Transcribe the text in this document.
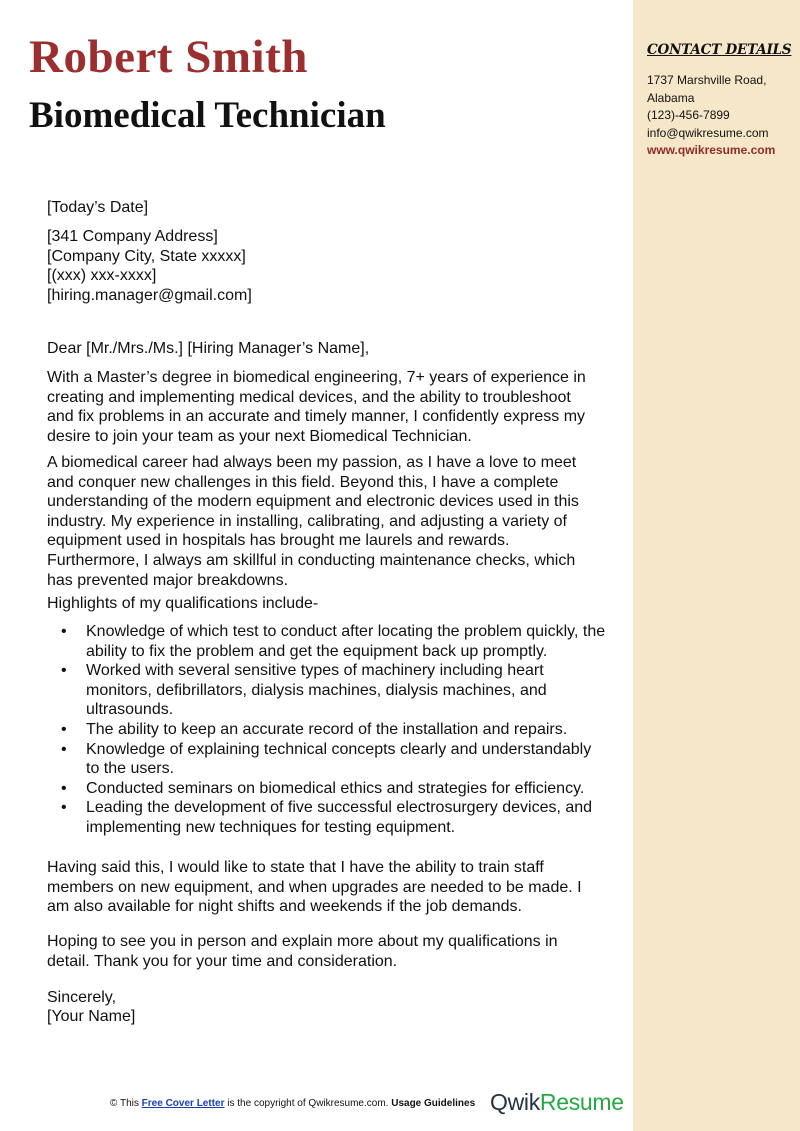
CONTACT DETAILS
1737 Marshville Road,
Alabama
(123)-456-7899
info@qwikresume.com
www.qwikresume.com
Robert Smith
Biomedical Technician
[Today’s Date]
[341 Company Address]
[Company City, State xxxxx]
[(xxx) xxx-xxxx]
[hiring.manager@gmail.com]
Dear [Mr./Mrs./Ms.] [Hiring Manager’s Name],

With a Master’s degree in biomedical engineering, 7+ years of experience in creating and implementing medical devices, and the ability to troubleshoot and fix problems in an accurate and timely manner, I confidently express my desire to join your team as your next Biomedical Technician.

A biomedical career had always been my passion, as I have a love to meet and conquer new challenges in this field. Beyond this, I have a complete understanding of the modern equipment and electronic devices used in this industry. My experience in installing, calibrating, and adjusting a variety of equipment used in hospitals has brought me laurels and rewards. Furthermore, I always am skillful in conducting maintenance checks, which has prevented major breakdowns.

Highlights of my qualifications include-

• Knowledge of which test to conduct after locating the problem quickly, the ability to fix the problem and get the equipment back up promptly.
• Worked with several sensitive types of machinery including heart monitors, defibrillators, dialysis machines, dialysis machines, and ultrasounds.
• The ability to keep an accurate record of the installation and repairs.
• Knowledge of explaining technical concepts clearly and understandably to the users.
• Conducted seminars on biomedical ethics and strategies for efficiency.
• Leading the development of five successful electrosurgery devices, and implementing new techniques for testing equipment.

Having said this, I would like to state that I have the ability to train staff members on new equipment, and when upgrades are needed to be made. I am also available for night shifts and weekends if the job demands.

Hoping to see you in person and explain more about my qualifications in detail. Thank you for your time and consideration.

Sincerely,
[Your Name]
© This Free Cover Letter is the copyright of Qwikresume.com. Usage Guidelines QwikResume
